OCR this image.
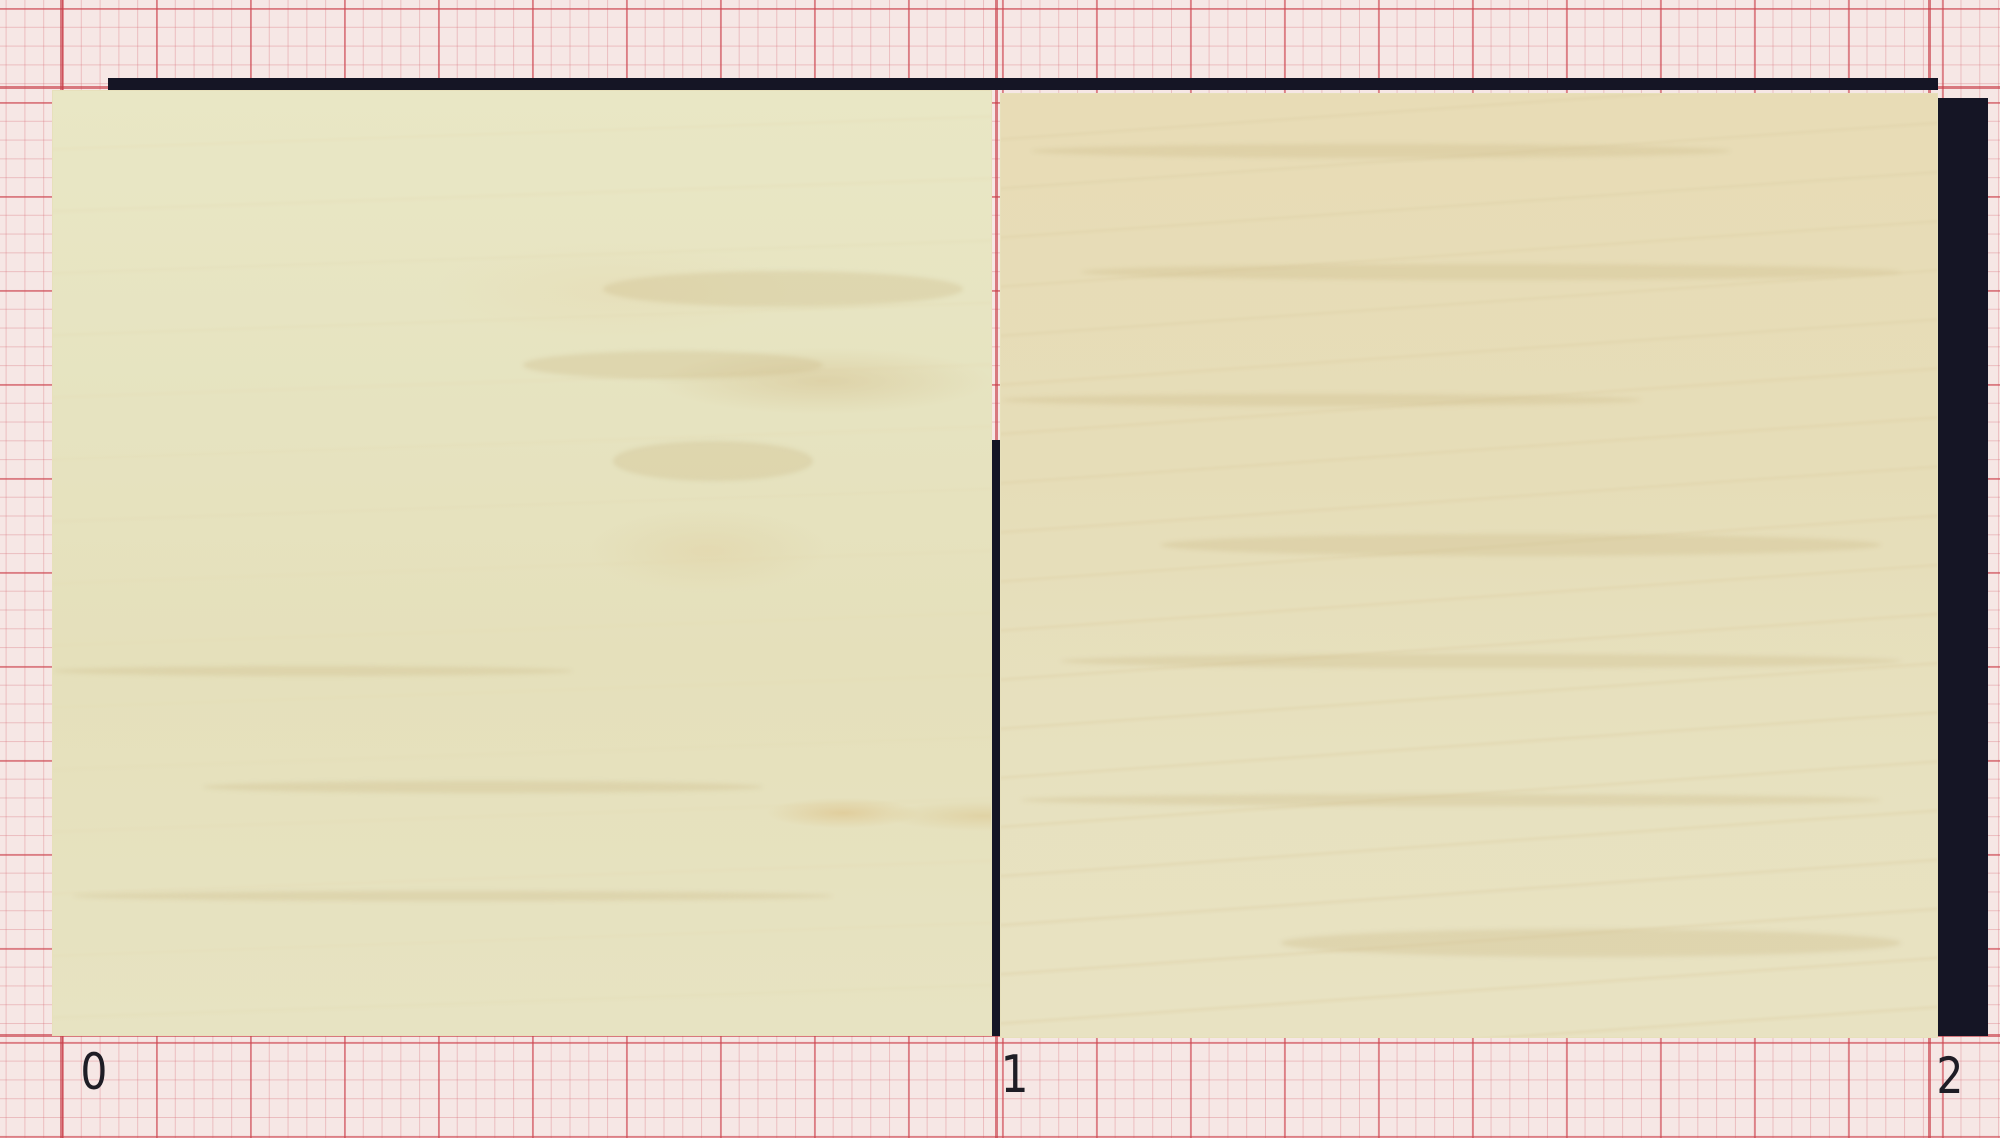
0	1	2
